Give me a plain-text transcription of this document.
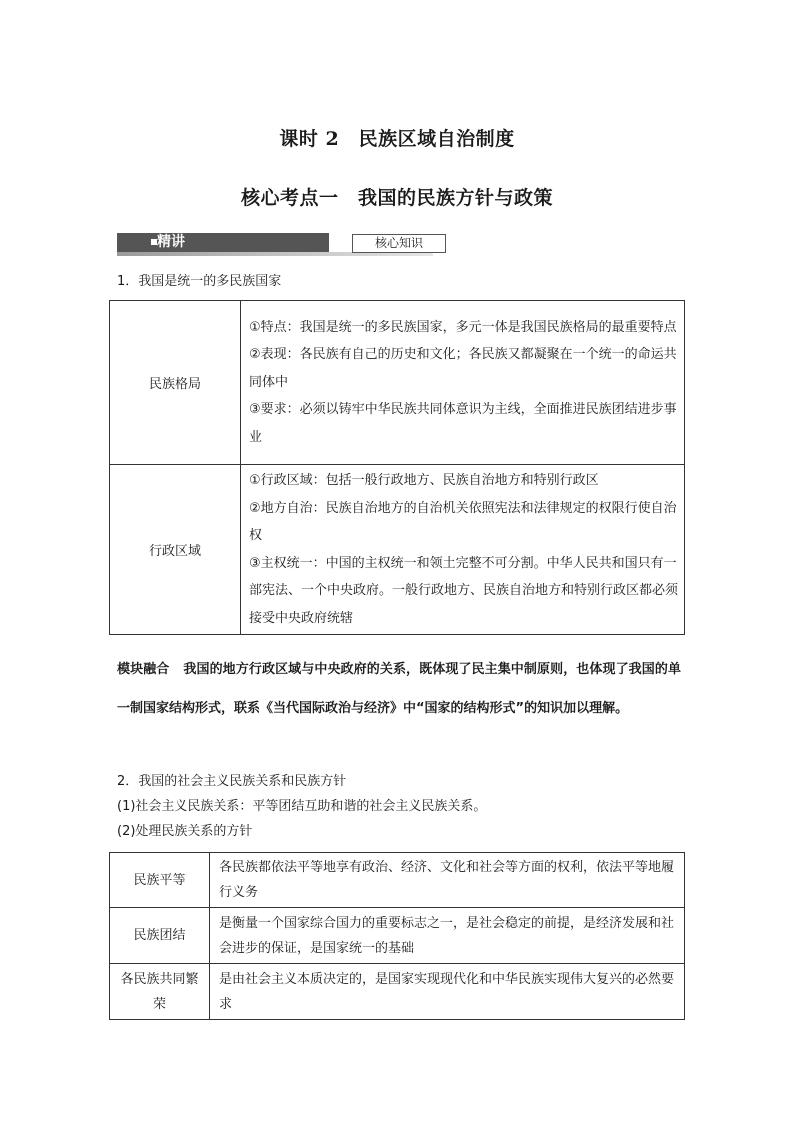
课时 2　民族区域自治制度
核心考点一　我国的民族方针与政策
精讲	核心知识
1．我国是统一的多民族国家
民族格局	①特点：我国是统一的多民族国家，多元一体是我国民族格局的最重要特点
②表现：各民族有自己的历史和文化；各民族又都凝聚在一个统一的命运共同体中
③要求：必须以铸牢中华民族共同体意识为主线，全面推进民族团结进步事业

行政区域	①行政区域：包括一般行政地方、民族自治地方和特别行政区
②地方自治：民族自治地方的自治机关依照宪法和法律规定的权限行使自治权
③主权统一：中国的主权统一和领土完整不可分割。中华人民共和国只有一部宪法、一个中央政府。一般行政地方、民族自治地方和特别行政区都必须接受中央政府统辖
模块融合 我国的地方行政区域与中央政府的关系，既体现了民主集中制原则，也体现了我国的单一制国家结构形式，联系《当代国际政治与经济》中“国家的结构形式”的知识加以理解。
2．我国的社会主义民族关系和民族方针
(1)社会主义民族关系：平等团结互助和谐的社会主义民族关系。
(2)处理民族关系的方针
民族平等	各民族都依法平等地享有政治、经济、文化和社会等方面的权利，依法平等地履行义务
民族团结	是衡量一个国家综合国力的重要标志之一，是社会稳定的前提，是经济发展和社会进步的保证，是国家统一的基础
各民族共同繁荣	是由社会主义本质决定的，是国家实现现代化和中华民族实现伟大复兴的必然要求
